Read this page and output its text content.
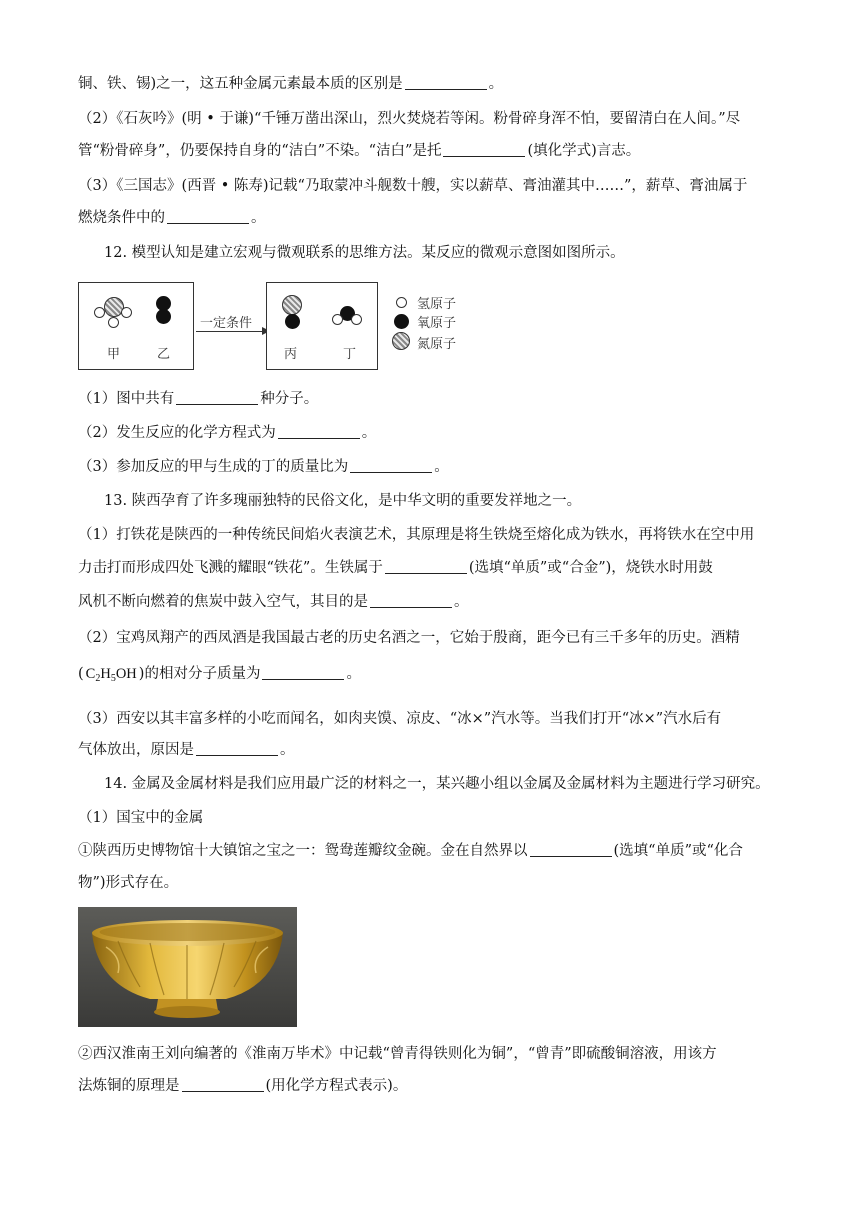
铜、铁、锡)之一，这五种金属元素最本质的区别是	。
（2）《石灰吟》(明 • 于谦)“千锤万凿出深山，烈火焚烧若等闲。粉骨碎身浑不怕，要留清白在人间。”尽
管“粉骨碎身”，仍要保持自身的“洁白”不染。“洁白”是托	(填化学式)言志。
（3）《三国志》(西晋 • 陈寿)记载“乃取蒙冲斗舰数十艘，实以薪草、膏油灌其中……”，薪草、膏油属于
燃烧条件中的	。
12. 模型认知是建立宏观与微观联系的思维方法。某反应的微观示意图如图所示。
甲	乙
一定条件
丙	丁
氢原子
氧原子
氮原子
（1）图中共有	种分子。
（2）发生反应的化学方程式为	。
（3）参加反应的甲与生成的丁的质量比为	。
13. 陕西孕育了许多瑰丽独特的民俗文化，是中华文明的重要发祥地之一。
（1）打铁花是陕西的一种传统民间焰火表演艺术，其原理是将生铁烧至熔化成为铁水，再将铁水在空中用
力击打而形成四处飞溅的耀眼“铁花”。生铁属于	(选填“单质”或“合金”)，烧铁水时用鼓
风机不断向燃着的焦炭中鼓入空气，其目的是	。
（2）宝鸡凤翔产的西凤酒是我国最古老的历史名酒之一，它始于殷商，距今已有三千多年的历史。酒精
( $C_2H_5OH$ )的相对分子质量为	。
（3）西安以其丰富多样的小吃而闻名，如肉夹馍、凉皮、“冰×”汽水等。当我们打开“冰×”汽水后有
气体放出，原因是	。
14. 金属及金属材料是我们应用最广泛的材料之一，某兴趣小组以金属及金属材料为主题进行学习研究。
（1）国宝中的金属
①陕西历史博物馆十大镇馆之宝之一：鸳鸯莲瓣纹金碗。金在自然界以	(选填“单质”或“化合
物”)形式存在。
②西汉淮南王刘向编著的《淮南万毕术》中记载“曾青得铁则化为铜”，“曾青”即硫酸铜溶液，用该方
法炼铜的原理是	(用化学方程式表示)。
